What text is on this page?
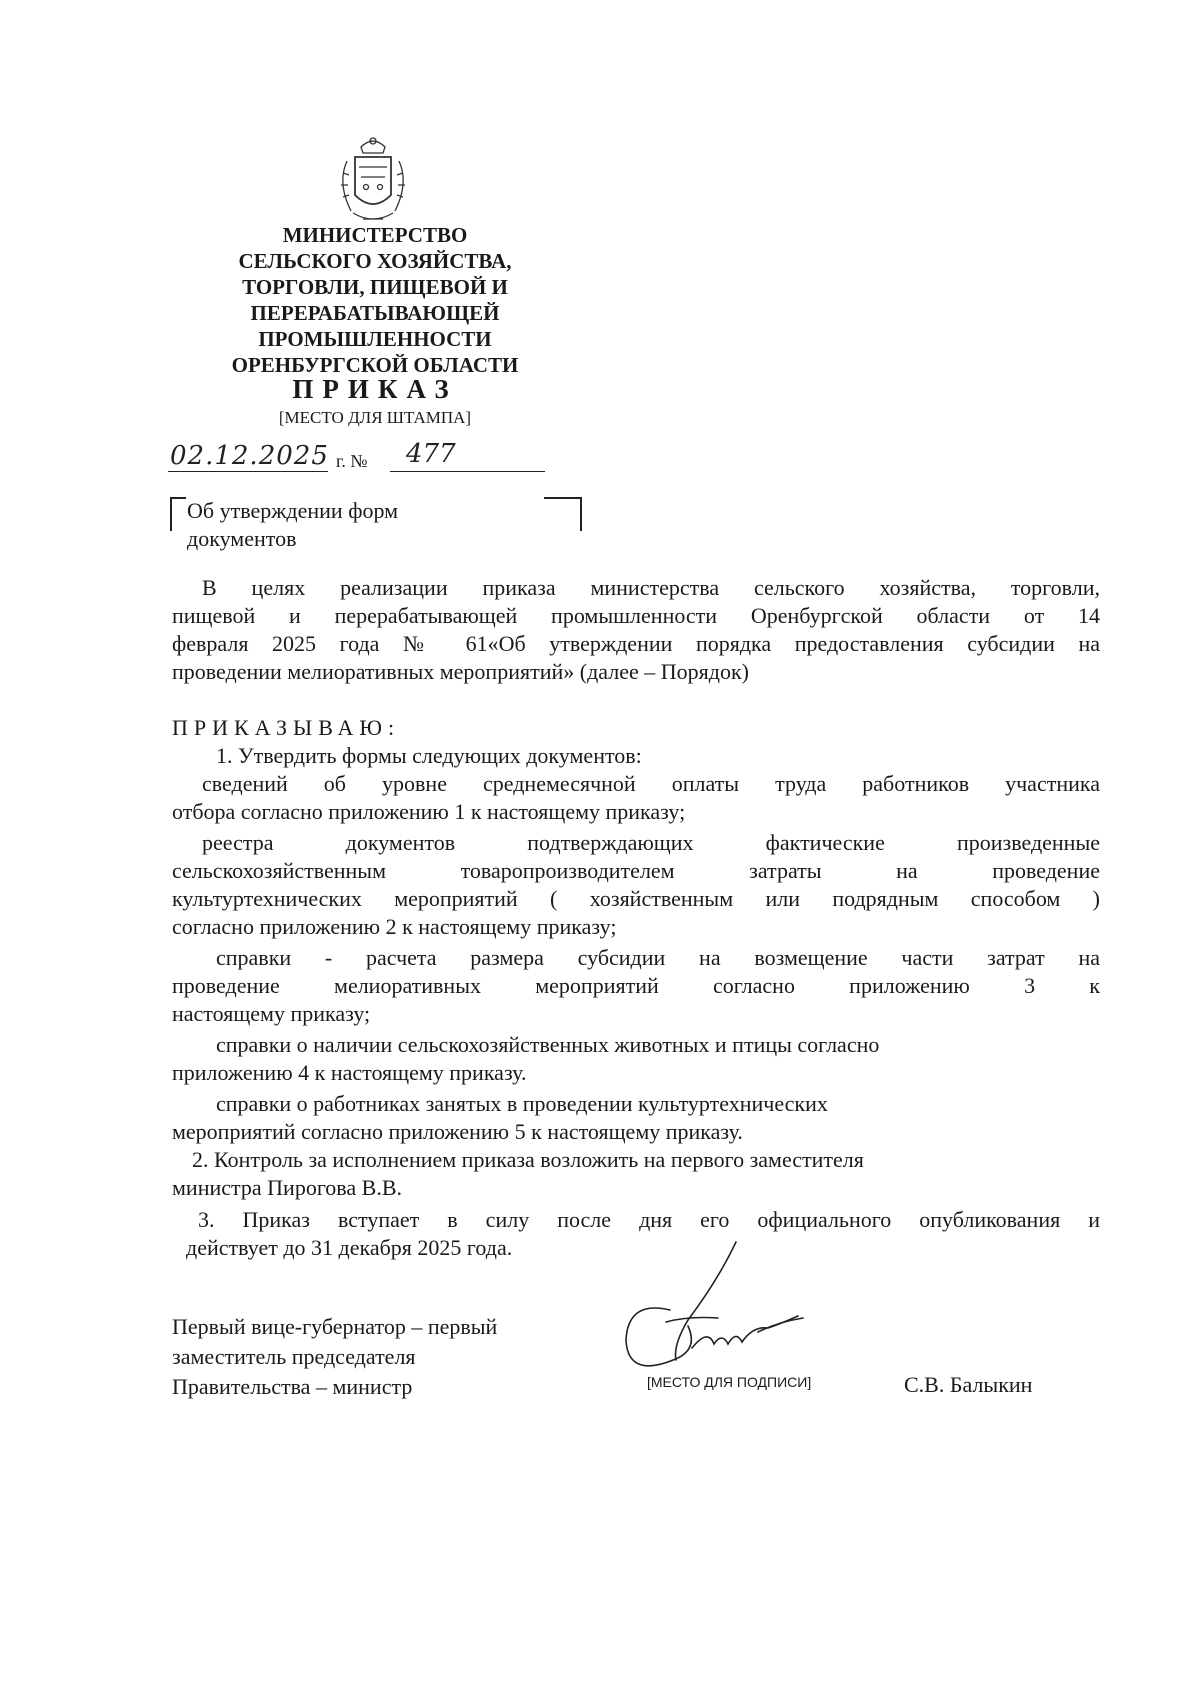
МИНИСТЕРСТВО
СЕЛЬСКОГО ХОЗЯЙСТВА,
ТОРГОВЛИ, ПИЩЕВОЙ И
ПЕРЕРАБАТЫВАЮЩЕЙ
ПРОМЫШЛЕННОСТИ
ОРЕНБУРГСКОЙ ОБЛАСТИ
ПРИКАЗ
[МЕСТО ДЛЯ ШТАМПА]
02.12.2025 г. № 477
Об утверждении форм
документов
В целях реализации приказа министерства сельского хозяйства, торговли,
пищевой и перерабатывающей промышленности Оренбургской области от 14
февраля 2025 года № 61«Об утверждении порядка предоставления субсидии на
проведении мелиоративных мероприятий» (далее – Порядок)
ПРИКАЗЫВАЮ:
1. Утвердить формы следующих документов:
сведений об уровне среднемесячной оплаты труда работников участника
отбора согласно приложению 1 к настоящему приказу;
реестра документов подтверждающих фактические произведенные
сельскохозяйственным товаропроизводителем затраты на проведение
культуртехнических мероприятий ( хозяйственным или подрядным способом )
согласно приложению 2 к настоящему приказу;
справки - расчета размера субсидии на возмещение части затрат на
проведение мелиоративных мероприятий согласно приложению 3 к
настоящему приказу;
справки о наличии сельскохозяйственных животных и птицы согласно
приложению 4 к настоящему приказу.
справки о работниках занятых в проведении культуртехнических
мероприятий согласно приложению 5 к настоящему приказу.
2. Контроль за исполнением приказа возложить на первого заместителя
министра Пирогова В.В.
3. Приказ вступает в силу после дня его официального опубликования и
действует до 31 декабря 2025 года.
Первый вице-губернатор – первый
заместитель председателя
Правительства – министр	[МЕСТО ДЛЯ ПОДПИСИ]	С.В. Балыкин
